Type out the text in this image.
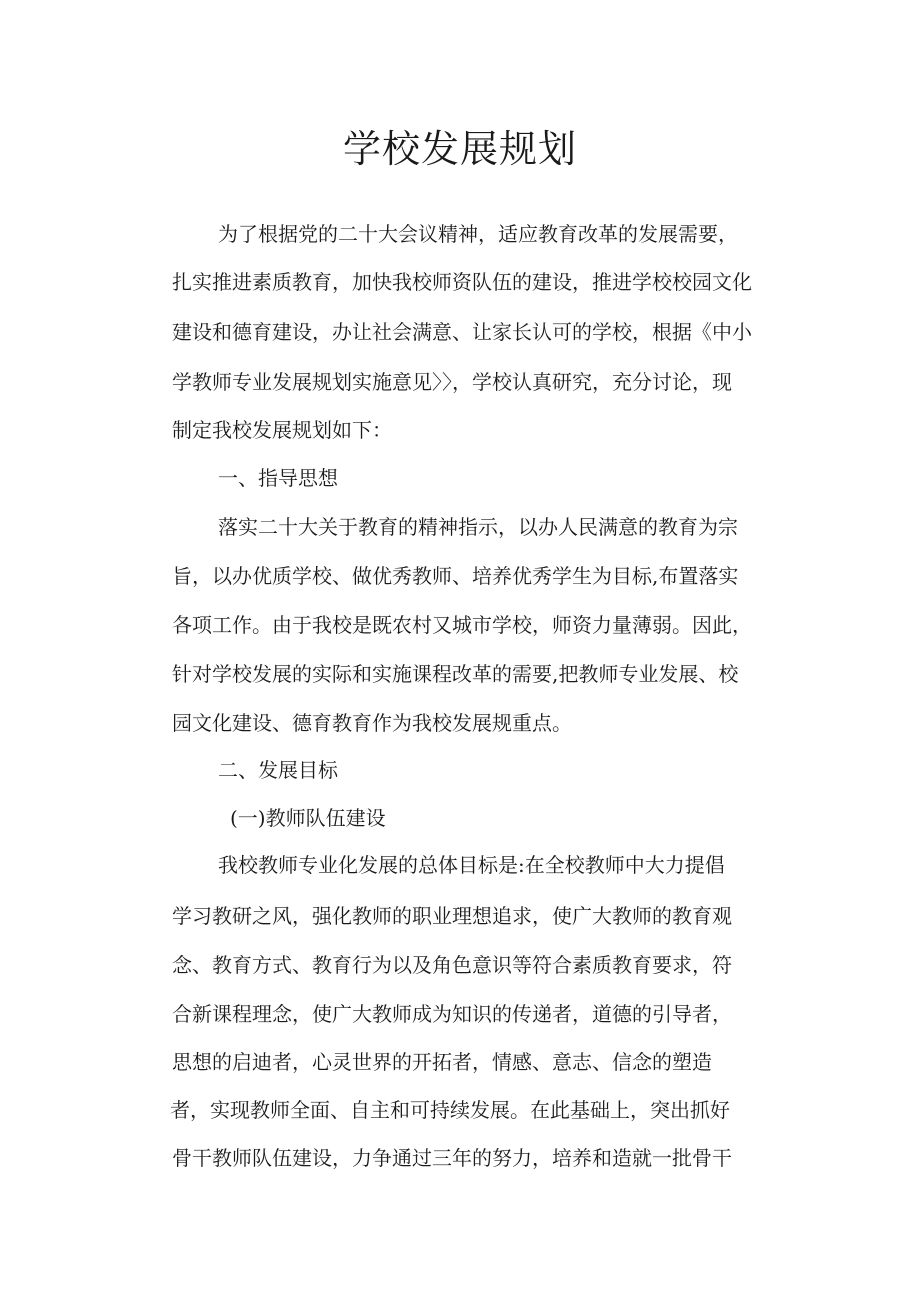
学校发展规划
为了根据党的二十大会议精神，适应教育改革的发展需要，
扎实推进素质教育，加快我校师资队伍的建设，推进学校校园文化
建设和德育建设，办让社会满意、让家长认可的学校，根据《中小
学教师专业发展规划实施意见〉〉，学校认真研究，充分讨论，现
制定我校发展规划如下：
一、指导思想
落实二十大关于教育的精神指示，以办人民满意的教育为宗
旨，以办优质学校、做优秀教师、培养优秀学生为目标,布置落实
各项工作。由于我校是既农村又城市学校，师资力量薄弱。因此，
针对学校发展的实际和实施课程改革的需要,把教师专业发展、校
园文化建设、德育教育作为我校发展规重点。
二、发展目标
(一)教师队伍建设
我校教师专业化发展的总体目标是:在全校教师中大力提倡
学习教研之风，强化教师的职业理想追求，使广大教师的教育观
念、教育方式、教育行为以及角色意识等符合素质教育要求，符
合新课程理念，使广大教师成为知识的传递者，道德的引导者，
思想的启迪者，心灵世界的开拓者，情感、意志、信念的塑造
者，实现教师全面、自主和可持续发展。在此基础上，突出抓好
骨干教师队伍建设，力争通过三年的努力，培养和造就一批骨干
